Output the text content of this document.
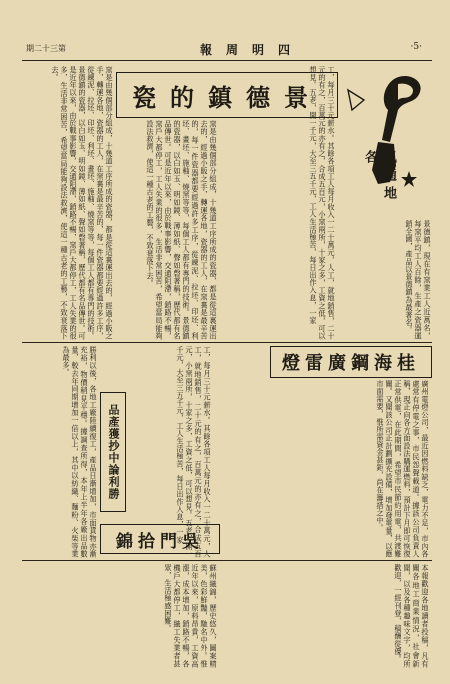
期二十三第	報周明四	·5·
訊通地各
景德鎮，現在有窯業工人近萬名，每窯平均工人百餘，生產之瓷器運銷全國，產品以景德鎮為最著名。
工，每月三十元薪水。其餘各項工人每月收入一二十萬元，人工，就地銷售，二十元的有之，百萬元的亦有之，合成五百元，小窯兩所，十家之多，工資之低，可以想見。五老，開一千元，大至三五千元，工人生活極苦，每日出作入息，一家
瓷的鎮德景
窯是由幾個部分組成，十幾道工序所成的瓷器，都是從這裏運出去的，經過小販之手，轉運各地，瓷器的工人，在窯裏是最辛苦的，每一件瓷器都要經過許多工序，從練泥、拉坯、印坯、利坯、畫坯、施釉、燒窯等等，每個工人都有專門的技術。景德鎮的瓷器，以白如玉、明如鏡、薄如紙、聲如磬著稱，歷代都有名品傳世。可是近年以來，由於戰事影響，交通阻滯，銷路不暢，窯戶大都停工，工人失業的很多，生活非常困苦，希望當局能夠設法救濟，使這一種古老的工藝，不致衰落下去。
窯是由幾個部分組成，十幾道工序所成的瓷器，都是從這裏運出去的，經過小販之手，轉運各地，瓷器的工人，在窯裏是最辛苦的，每一件瓷器都要經過許多工序，從練泥、拉坯、印坯、利坯、畫坯、施釉、燒窯等等，每個工人都有專門的技術。景德鎮的瓷器，以白如玉、明如鏡、薄如紙、聲如磬著稱，歷代都有名品傳世。可是近年以來，由於戰事影響，交通阻滯，銷路不暢，窯戶大都停工，工人失業的很多，生活非常困苦，希望當局能夠設法救濟，使這一種古老的工藝，不致衰落下去。
燈雷廣鋼海桂
廣州電燈公司，最近因燃料缺乏，電力不足，市內各處常有停電之事，市民怨聲載道。據該公司負責人稱，現正向各方面設法購運燃料，預計下月即可恢復正常供電，在此期間，希望市民節約用電，共渡難關。又聞該公司正計劃擴充設備，增加發電量，以應市面需要，惟所需資金甚鉅，尚在籌措之中。
工，每月三十元薪水。其餘各項工人每月收入一二十萬元，人工，就地銷售，二十元的有之，百萬元的亦有之，合成五百元，小窯兩所，十家之多，工資之低，可以想見。五老，開一千元，大至三五千元，工人生活極苦，每日出作入息，一家
品產獲抄中論利勝
勝利以後，各地工廠陸續復工，產品日漸增加，市面貨物亦漸充裕，物價稍見平穩。據調查所得，本年上半年各廠出品數量，較去年同期增加一倍以上，其中以紡織、麵粉、火柴等業為最多。
錦拾門吳
蘇州織錦，歷史悠久，圖案精美，色彩鮮豔，馳名中外。惟近年以來，原料昂貴，工資高漲，成本增加，銷路不暢，各機戶大都停工，織工失業者甚眾，生活極感困難。	本報歡迎各地讀者投稿，凡有關各地工商業情況，社會新聞，以及各種趣味文字，均所歡迎，一經刊登，稿酬從優。
